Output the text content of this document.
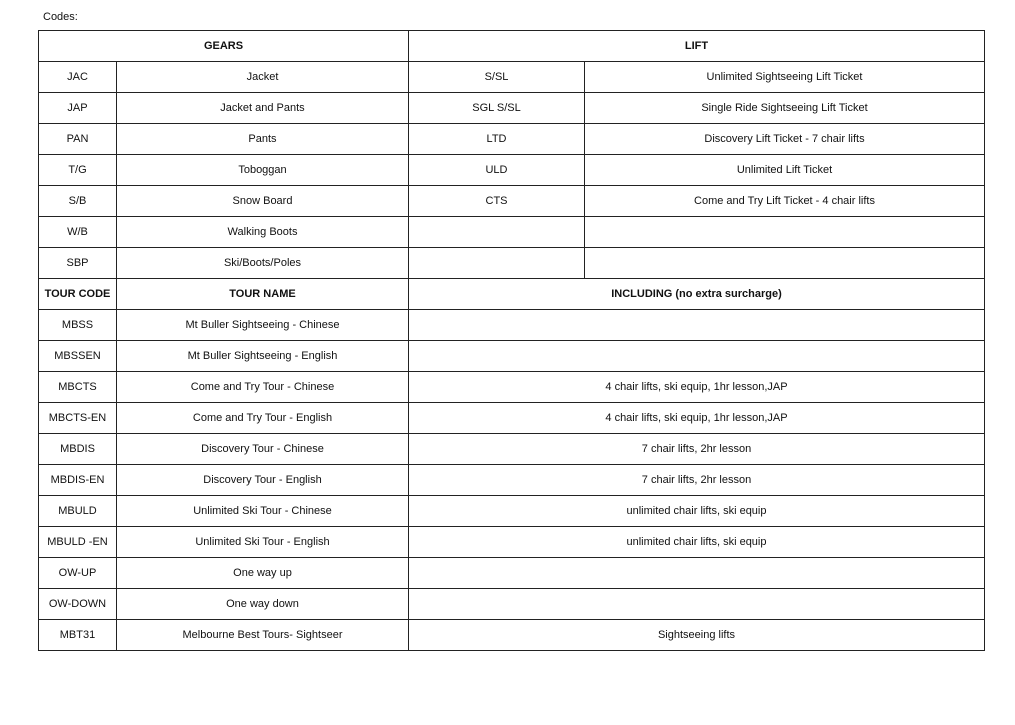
Codes:
GEARS		LIFT	
JAC	Jacket	S/SL	Unlimited Sightseeing Lift Ticket
JAP	Jacket and Pants	SGL S/SL	Single Ride Sightseeing Lift Ticket
PAN	Pants	LTD	Discovery Lift Ticket - 7 chair lifts
T/G	Toboggan	ULD	Unlimited Lift Ticket
S/B	Snow Board	CTS	Come and Try Lift Ticket - 4 chair lifts
W/B	Walking Boots		
SBP	Ski/Boots/Poles		
TOUR CODE	TOUR NAME	INCLUDING (no extra surcharge)	
MBSS	Mt Buller Sightseeing - Chinese		
MBSSEN	Mt Buller Sightseeing - English		
MBCTS	Come and Try Tour - Chinese	4 chair lifts, ski equip, 1hr lesson,JAP	
MBCTS-EN	Come and Try Tour - English	4 chair lifts, ski equip, 1hr lesson,JAP	
MBDIS	Discovery Tour - Chinese	7 chair lifts, 2hr lesson	
MBDIS-EN	Discovery Tour - English	7 chair lifts, 2hr lesson	
MBULD	Unlimited Ski Tour - Chinese	unlimited chair lifts, ski equip	
MBULD -EN	Unlimited Ski Tour - English	unlimited chair lifts, ski equip	
OW-UP	One way up		
OW-DOWN	One way down		
MBT31	Melbourne Best Tours- Sightseer	Sightseeing lifts	
